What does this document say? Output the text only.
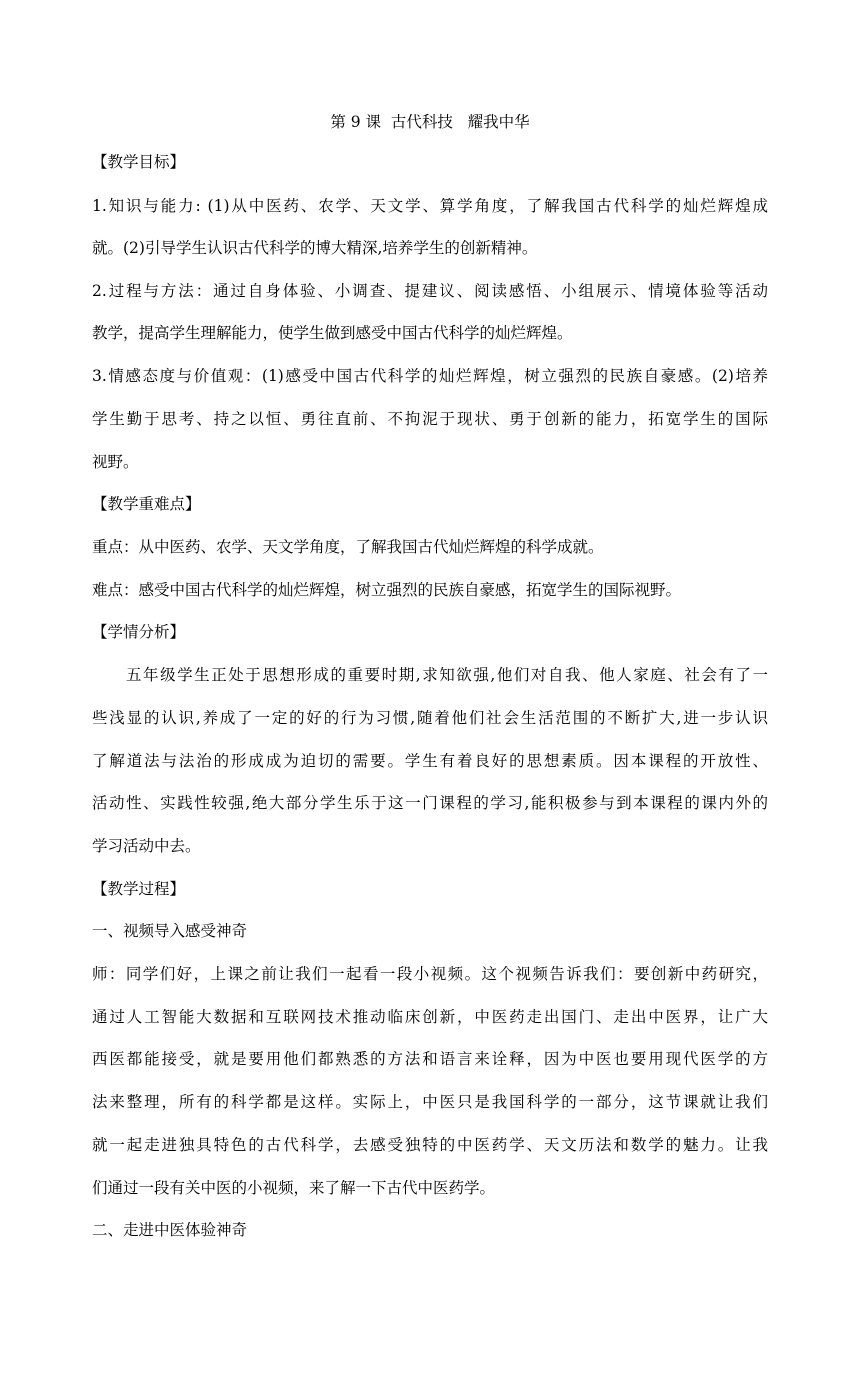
第 9 课  古代科技   耀我中华
【教学目标】
1.知识与能力: (1)从中医药、农学、天文学、算学角度，了解我国古代科学的灿烂辉煌成
就。(2)引导学生认识古代科学的博大精深,培养学生的创新精神。
2.过程与方法：通过自身体验、小调查、提建议、阅读感悟、小组展示、情境体验等活动
教学，提高学生理解能力，使学生做到感受中国古代科学的灿烂辉煌。
3.情感态度与价值观：(1)感受中国古代科学的灿烂辉煌，树立强烈的民族自豪感。(2)培养
学生勤于思考、持之以恒、勇往直前、不拘泥于现状、勇于创新的能力，拓宽学生的国际
视野。
【教学重难点】
重点：从中医药、农学、天文学角度，了解我国古代灿烂辉煌的科学成就。
难点：感受中国古代科学的灿烂辉煌，树立强烈的民族自豪感，拓宽学生的国际视野。
【学情分析】
五年级学生正处于思想形成的重要时期,求知欲强,他们对自我、他人家庭、社会有了一
些浅显的认识,养成了一定的好的行为习惯,随着他们社会生活范围的不断扩大,进一步认识
了解道法与法治的形成成为迫切的需要。学生有着良好的思想素质。因本课程的开放性、
活动性、实践性较强,绝大部分学生乐于这一门课程的学习,能积极参与到本课程的课内外的
学习活动中去。
【教学过程】
一、视频导入感受神奇
师：同学们好，上课之前让我们一起看一段小视频。这个视频告诉我们：要创新中药研究，
通过人工智能大数据和互联网技术推动临床创新，中医药走出国门、走出中医界，让广大
西医都能接受，就是要用他们都熟悉的方法和语言来诠释，因为中医也要用现代医学的方
法来整理，所有的科学都是这样。实际上，中医只是我国科学的一部分，这节课就让我们
就一起走进独具特色的古代科学，去感受独特的中医药学、天文历法和数学的魅力。让我
们通过一段有关中医的小视频，来了解一下古代中医药学。
二、走进中医体验神奇
